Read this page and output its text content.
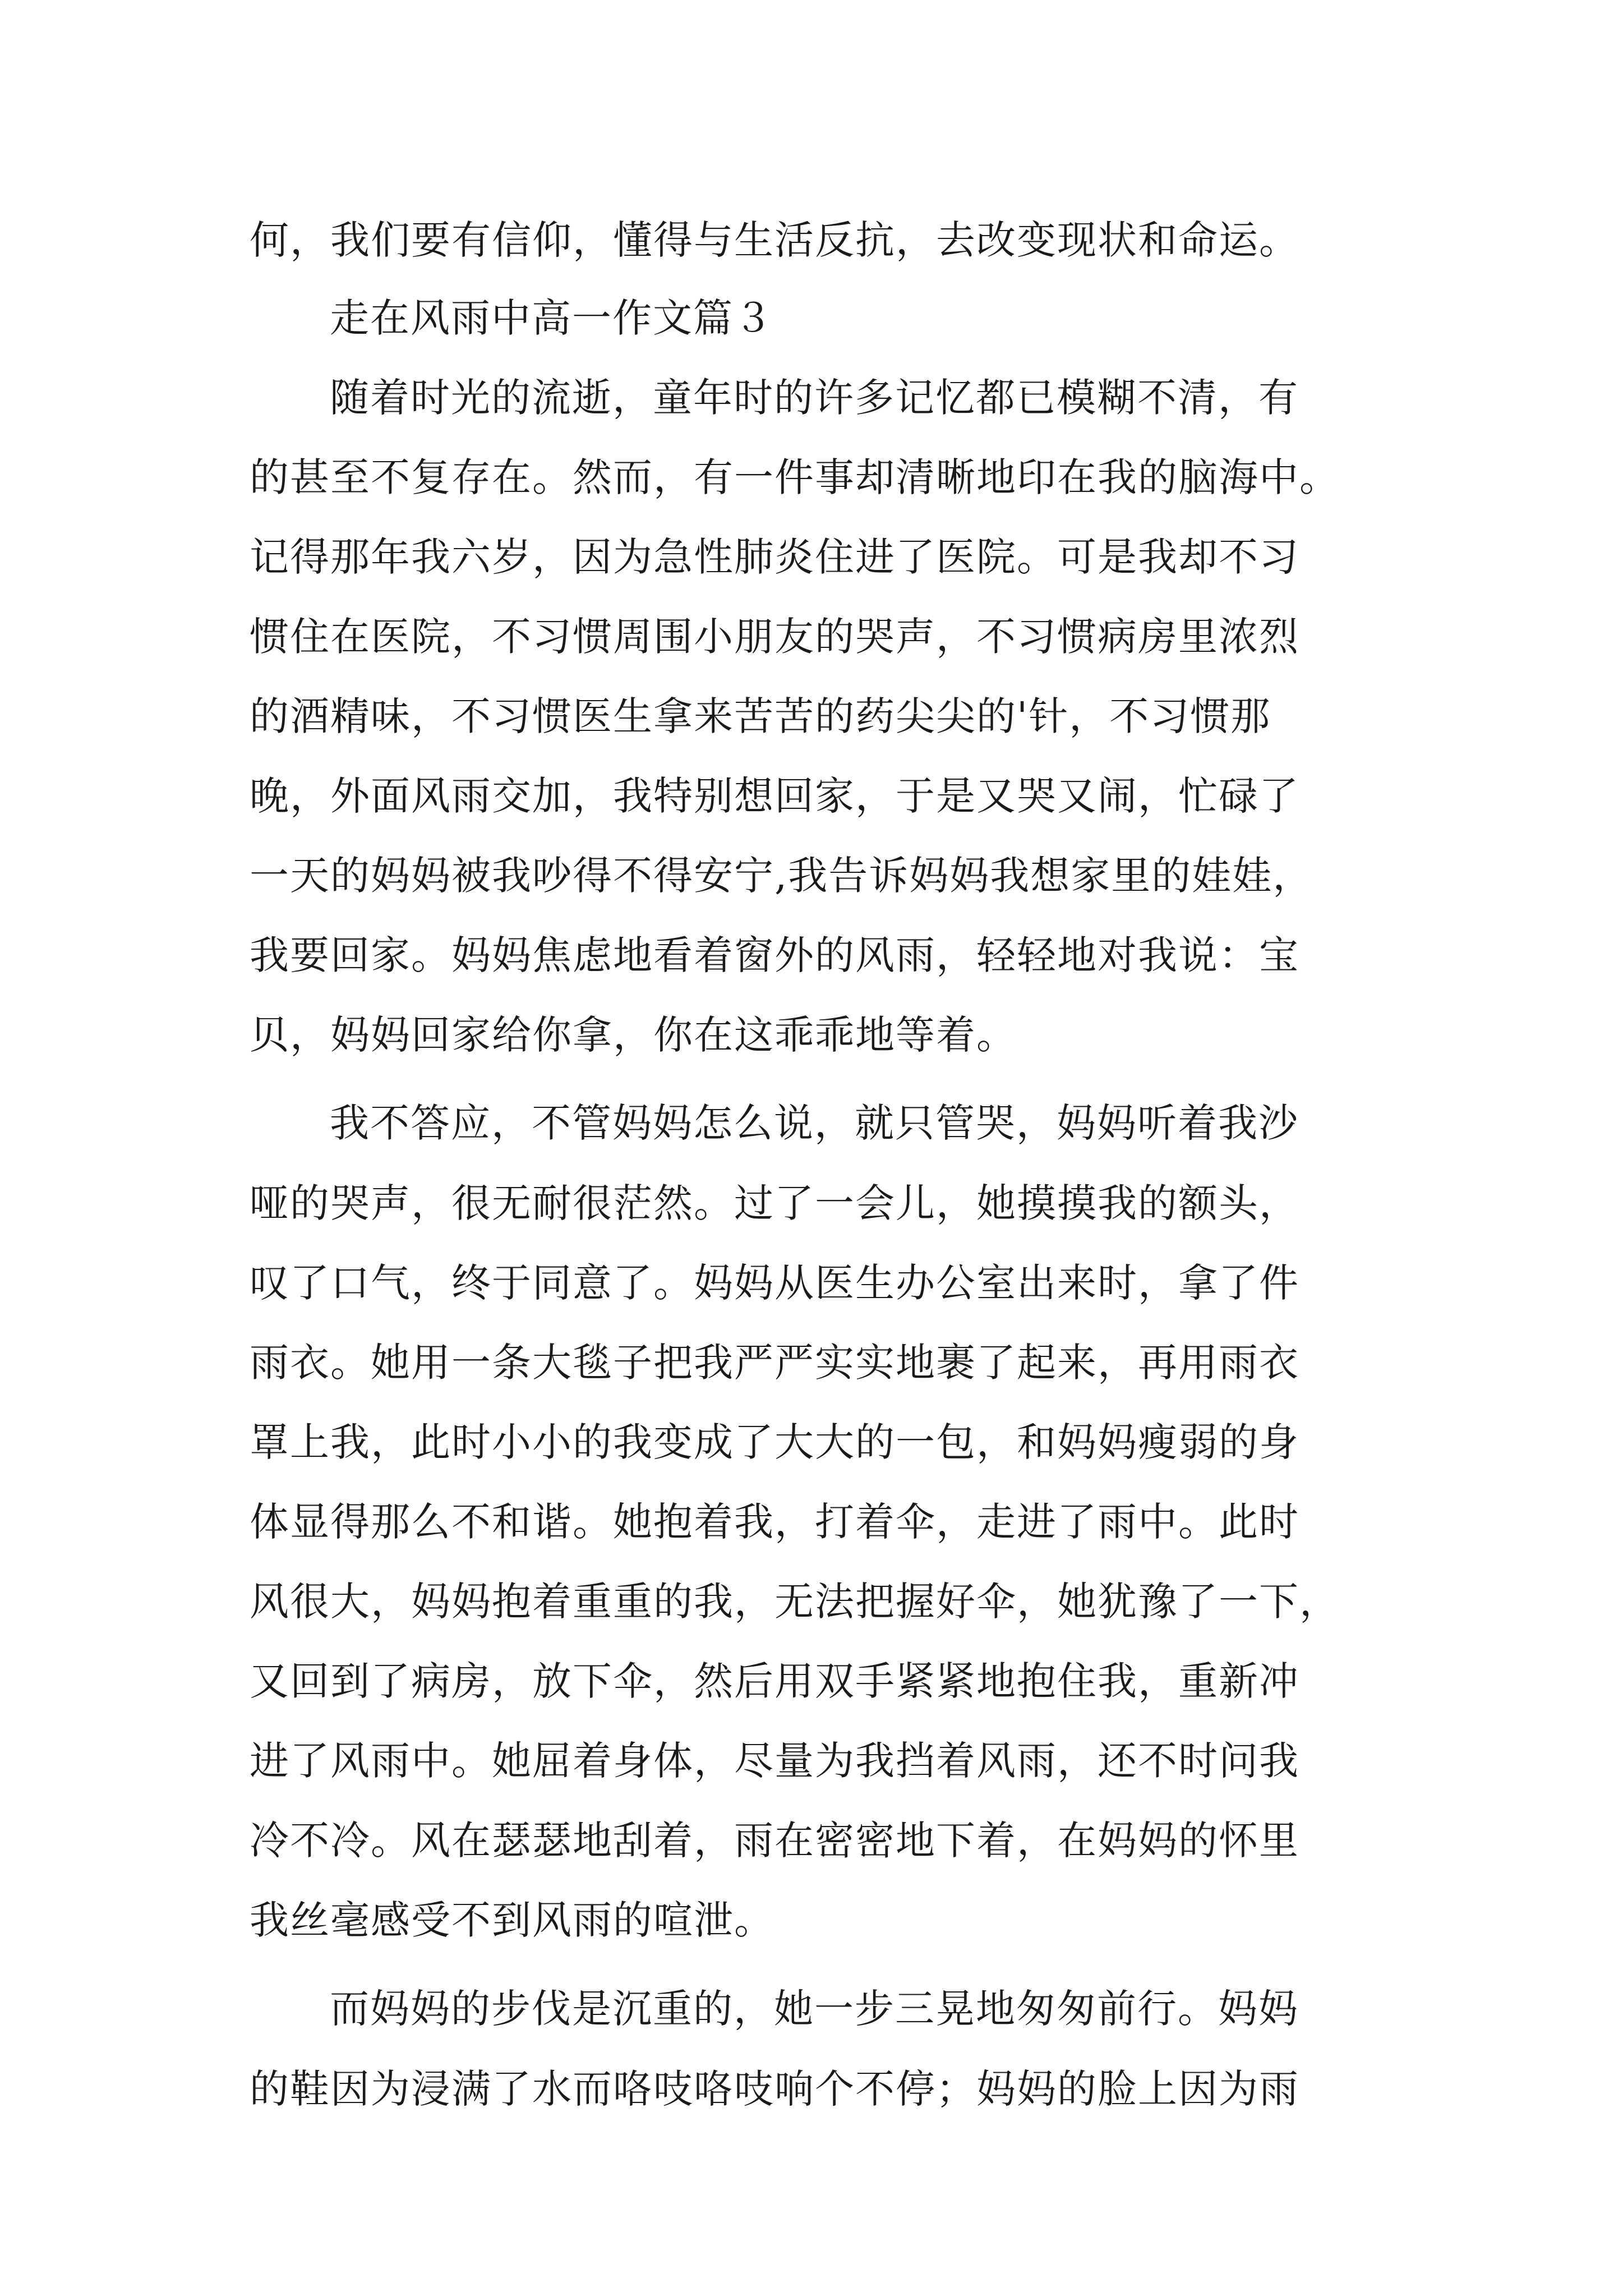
何，我们要有信仰，懂得与生活反抗，去改变现状和命运。
走在风雨中高一作文篇３
随着时光的流逝，童年时的许多记忆都已模糊不清，有
的甚至不复存在。然而，有一件事却清晰地印在我的脑海中。
记得那年我六岁，因为急性肺炎住进了医院。可是我却不习
惯住在医院，不习惯周围小朋友的哭声，不习惯病房里浓烈
的酒精味，不习惯医生拿来苦苦的药尖尖的'针，不习惯那
晚，外面风雨交加，我特别想回家，于是又哭又闹，忙碌了
一天的妈妈被我吵得不得安宁,我告诉妈妈我想家里的娃娃，
我要回家。妈妈焦虑地看着窗外的风雨，轻轻地对我说：宝
贝，妈妈回家给你拿，你在这乖乖地等着。
我不答应，不管妈妈怎么说，就只管哭，妈妈听着我沙
哑的哭声，很无耐很茫然。过了一会儿，她摸摸我的额头，
叹了口气，终于同意了。妈妈从医生办公室出来时，拿了件
雨衣。她用一条大毯子把我严严实实地裹了起来，再用雨衣
罩上我，此时小小的我变成了大大的一包，和妈妈瘦弱的身
体显得那么不和谐。她抱着我，打着伞，走进了雨中。此时
风很大，妈妈抱着重重的我，无法把握好伞，她犹豫了一下，
又回到了病房，放下伞，然后用双手紧紧地抱住我，重新冲
进了风雨中。她屈着身体，尽量为我挡着风雨，还不时问我
冷不冷。风在瑟瑟地刮着，雨在密密地下着，在妈妈的怀里
我丝毫感受不到风雨的喧泄。
而妈妈的步伐是沉重的，她一步三晃地匆匆前行。妈妈
的鞋因为浸满了水而咯吱咯吱响个不停；妈妈的脸上因为雨
